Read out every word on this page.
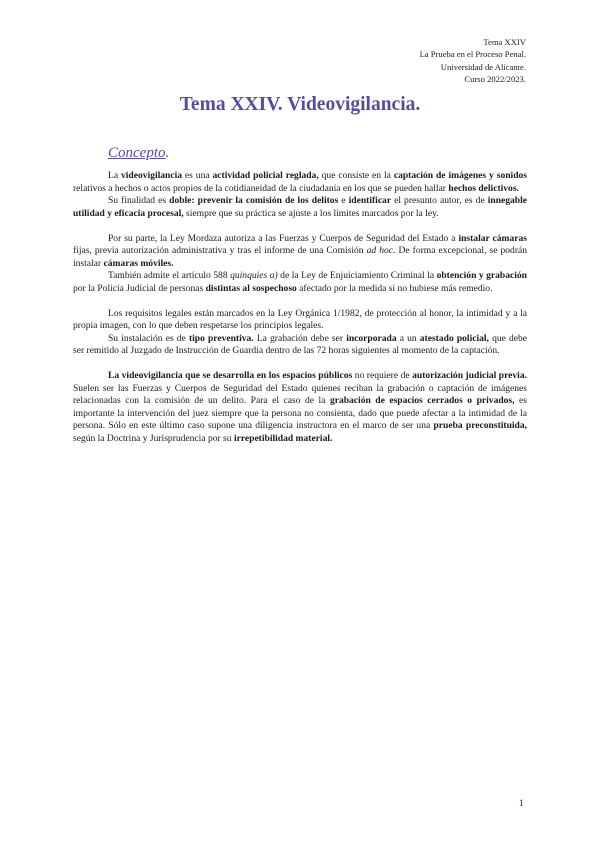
Tema XXIV
La Prueba en el Proceso Penal.
Universidad de Alicante.
Curso 2022/2023.
Tema XXIV. Videovigilancia.
Concepto.

La videovigilancia es una actividad policial reglada, que consiste en la captación de imágenes y sonidos relativos a hechos o actos propios de la cotidianeidad de la ciudadanía en los que se pueden hallar hechos delictivos.

Su finalidad es doble: prevenir la comisión de los delitos e identificar el presunto autor, es de innegable utilidad y eficacia procesal, siempre que su práctica se ajuste a los límites marcados por la ley.

Por su parte, la Ley Mordaza autoriza a las Fuerzas y Cuerpos de Seguridad del Estado a instalar cámaras fijas, previa autorización administrativa y tras el informe de una Comisión ad hoc. De forma excepcional, se podrán instalar cámaras móviles.

También admite el artículo 588 quinquies a) de la Ley de Enjuiciamiento Criminal la obtención y grabación por la Policía Judicial de personas distintas al sospechoso afectado por la medida si no hubiese más remedio.

Los requisitos legales están marcados en la Ley Orgánica 1/1982, de protección al honor, la intimidad y a la propia imagen, con lo que deben respetarse los principios legales.

Su instalación es de tipo preventiva. La grabación debe ser incorporada a un atestado policial, que debe ser remitido al Juzgado de Instrucción de Guardia dentro de las 72 horas siguientes al momento de la captación.

La videovigilancia que se desarrolla en los espacios públicos no requiere de autorización judicial previa. Suelen ser las Fuerzas y Cuerpos de Seguridad del Estado quienes reciban la grabación o captación de imágenes relacionadas con la comisión de un delito. Para el caso de la grabación de espacios cerrados o privados, es importante la intervención del juez siempre que la persona no consienta, dado que puede afectar a la intimidad de la persona. Sólo en este último caso supone una diligencia instructora en el marco de ser una prueba preconstituida, según la Doctrina y Jurisprudencia por su irrepetibilidad material.

1
